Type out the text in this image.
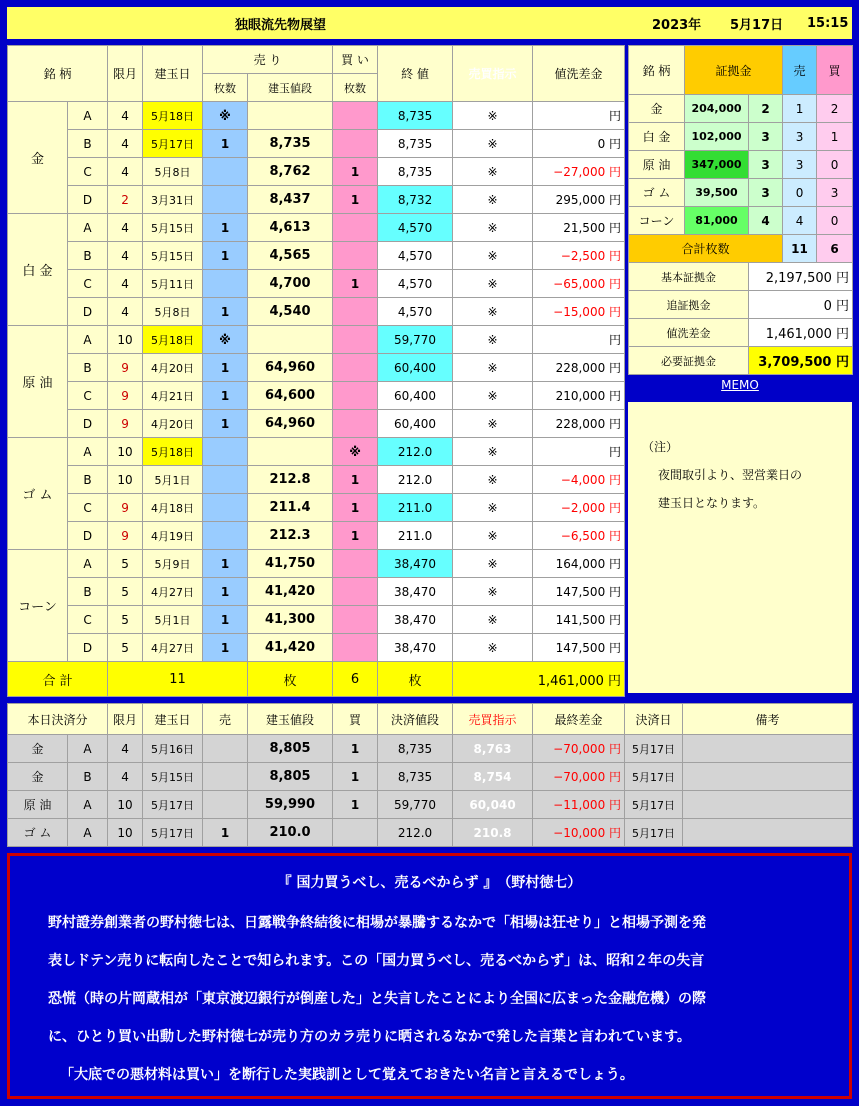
独眼流先物展望	2023年 5月17日 15:15
銘 柄		限月	建玉日	売 り		買 い	終 値	売買指示	値洗差金
				枚数	建玉値段	枚数			
金	A	4	5月18日	※			8,735	※	円
	B	4	5月17日	1	8,735		8,735	※	0 円
	C	4	5月8日		8,762	1	8,735	※	−27,000 円
	D	2	3月31日		8,437	1	8,732	※	295,000 円
白 金	A	4	5月15日	1	4,613		4,570	※	21,500 円
	B	4	5月15日	1	4,565		4,570	※	−2,500 円
	C	4	5月11日		4,700	1	4,570	※	−65,000 円
	D	4	5月8日	1	4,540		4,570	※	−15,000 円
原 油	A	10	5月18日	※			59,770	※	円
	B	9	4月20日	1	64,960		60,400	※	228,000 円
	C	9	4月21日	1	64,600		60,400	※	210,000 円
	D	9	4月20日	1	64,960		60,400	※	228,000 円
ゴ ム	A	10	5月18日			※	212.0	※	円
	B	10	5月1日		212.8	1	212.0	※	−4,000 円
	C	9	4月18日		211.4	1	211.0	※	−2,000 円
	D	9	4月19日		212.3	1	211.0	※	−6,500 円
コーン	A	5	5月9日	1	41,750		38,470	※	164,000 円
	B	5	4月27日	1	41,420		38,470	※	147,500 円
	C	5	5月1日	1	41,300		38,470	※	141,500 円
	D	5	4月27日	1	41,420		38,470	※	147,500 円
合 計		11			枚	6	枚	1,461,000 円	
銘 柄	証拠金		売	買
金	204,000	2	1	2
白 金	102,000	3	3	1
原 油	347,000	3	3	0
ゴ ム	39,500	3	0	3
コーン	81,000	4	4	0
合計枚数			11	6
基本証拠金		2,197,500 円		
追証拠金		0 円		
値洗差金		1,461,000 円		
必要証拠金		3,709,500 円		
MEMO
（注）
夜間取引より、翌営業日の
建玉日となります。
本日決済分		限月	建玉日	売	建玉値段	買	決済値段	売買指示	最終差金	決済日	備考
金	A	4	5月16日		8,805	1	8,735	8,763	−70,000 円	5月17日	
金	B	4	5月15日		8,805	1	8,735	8,754	−70,000 円	5月17日	
原 油	A	10	5月17日		59,990	1	59,770	60,040	−11,000 円	5月17日	
ゴ ム	A	10	5月17日	1	210.0		212.0	210.8	−10,000 円	5月17日	
『 国力買うべし、売るべからず 』　（野村徳七）
野村證券創業者の野村徳七は、日露戦争終結後に相場が暴騰するなかで「相場は狂せり」と相場予測を発
表しドテン売りに転向したことで知られます。この「国力買うべし、売るべからず」は、昭和２年の失言
恐慌（時の片岡蔵相が「東京渡辺銀行が倒産した」と失言したことにより全国に広まった金融危機）の際
に、ひとり買い出動した野村徳七が売り方のカラ売りに晒されるなかで発した言葉と言われています。
「大底での悪材料は買い」を断行した実践訓として覚えておきたい名言と言えるでしょう。
